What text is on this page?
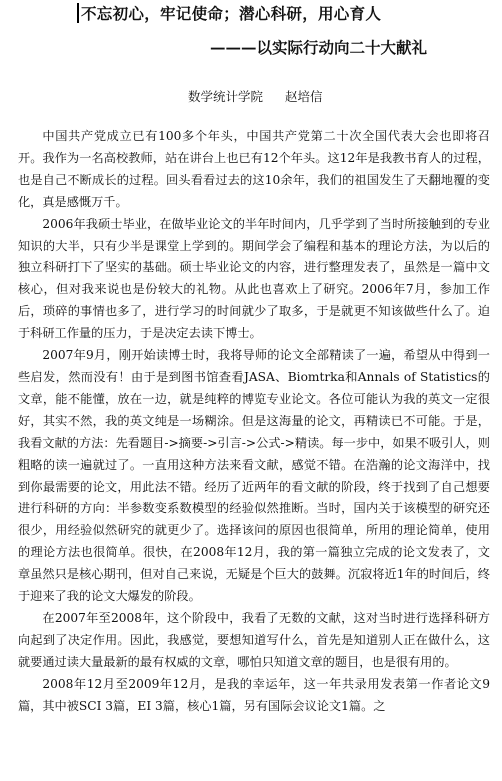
不忘初心，牢记使命；潜心科研，用心育人
———以实际行动向二十大献礼
数学统计学院 赵培信

中国共产党成立已有100多个年头，中国共产党第二十次全国代表大会也即将召开。我作为一名高校教师，站在讲台上也已有12个年头。这12年是我教书育人的过程，也是自己不断成长的过程。回头看看过去的这10余年，我们的祖国发生了天翻地覆的变化，真是感慨万千。

2006年我硕士毕业，在做毕业论文的半年时间内，几乎学到了当时所接触到的专业知识的大半，只有少半是课堂上学到的。期间学会了编程和基本的理论方法，为以后的独立科研打下了坚实的基础。硕士毕业论文的内容，进行整理发表了，虽然是一篇中文核心，但对我来说也是份较大的礼物。从此也喜欢上了研究。2006年7月，参加工作后，琐碎的事情也多了，进行学习的时间就少了取多，于是就更不知该做些什么了。迫于科研工作量的压力，于是决定去读下博士。

2007年9月，刚开始读博士时，我将导师的论文全部精读了一遍，希望从中得到一些启发，然而没有！由于是到图书馆查看JASA、Biomtrka和Annals of Statistics的文章，能不能懂，放在一边，就是纯粹的博览专业论文。各位可能认为我的英文一定很好，其实不然，我的英文纯是一场糊涂。但是这海量的论文，再精读已不可能。于是，我看文献的方法：先看题目->摘要->引言->公式->精读。每一步中，如果不吸引人，则粗略的读一遍就过了。一直用这种方法来看文献，感觉不错。在浩瀚的论文海洋中，找到你最需要的论文，用此法不错。经历了近两年的看文献的阶段，终于找到了自己想要进行科研的方向：半参数变系数模型的经验似然推断。当时，国内关于该模型的研究还很少，用经验似然研究的就更少了。选择该问的原因也很简单，所用的理论简单，使用的理论方法也很简单。很快，在2008年12月，我的第一篇独立完成的论文发表了，文章虽然只是核心期刊，但对自己来说，无疑是个巨大的鼓舞。沉寂将近1年的时间后，终于迎来了我的论文大爆发的阶段。

在2007年至2008年，这个阶段中，我看了无数的文献，这对当时进行选择科研方向起到了决定作用。因此，我感觉，要想知道写什么，首先是知道别人正在做什么，这就要通过读大量最新的最有权威的文章，哪怕只知道文章的题目，也是很有用的。

2008年12月至2009年12月，是我的幸运年，这一年共录用发表第一作者论文9篇，其中被SCI 3篇，EI 3篇，核心1篇，另有国际会议论文1篇。之
